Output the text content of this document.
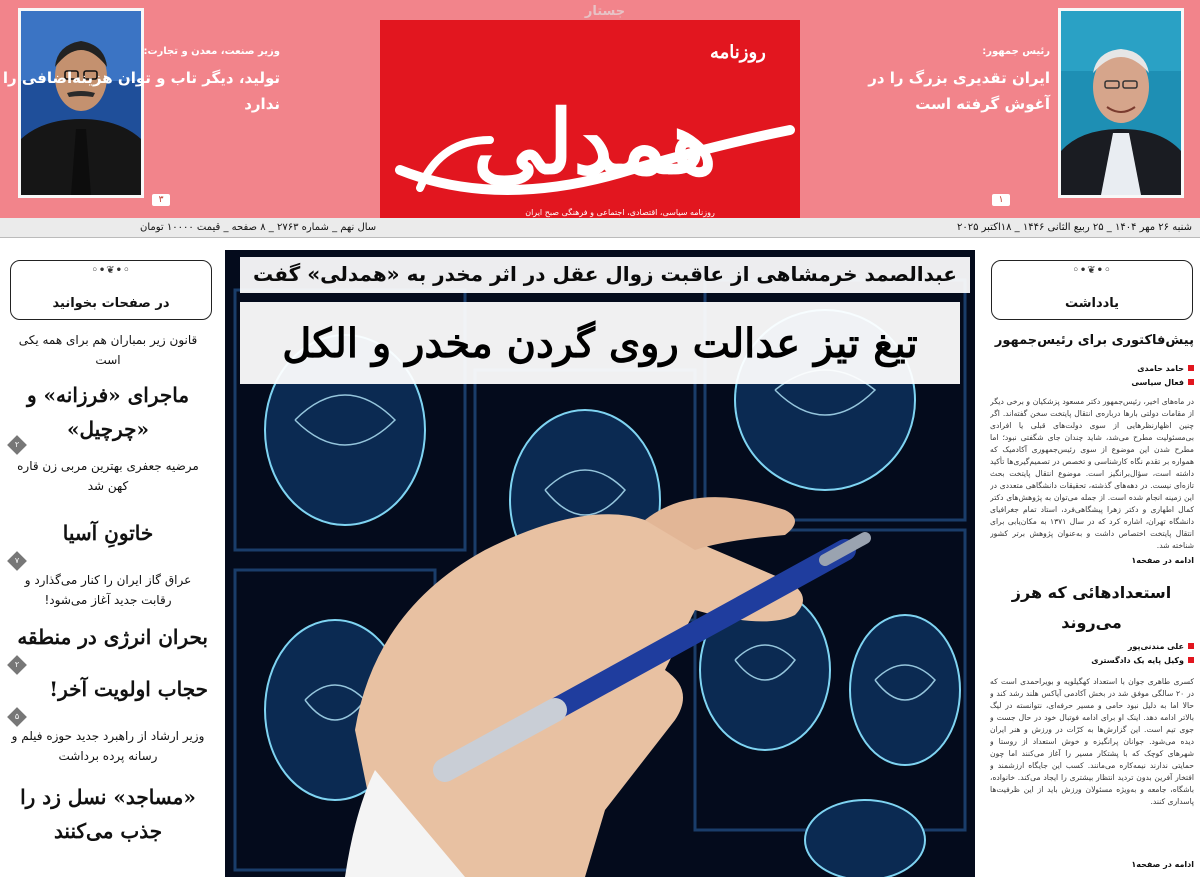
رئیس جمهور:
ایران تقدیری بزرگ را در آغوش گرفته است
۱
وزیر صنعت، معدن و تجارت:
تولید، دیگر تاب و توان هزینه‌اضافی را ندارد
۳
جستار
روزنامه
همدلی
روزنامه سیاسی، اقتصادی، اجتماعی و فرهنگی صبح ایران
شنبه ۲۶ مهر ۱۴۰۴ _ ۲۵ ربیع الثانی ۱۴۴۶ _ ۱۸اکتبر ۲۰۲۵
سال نهم _ شماره ۲۷۶۳ _ ۸ صفحه _ قیمت ۱۰۰۰۰ تومان
◦•❦•◦
در صفحات بخوانید
قانون زیر بمباران هم برای همه یکی است
ماجرای «فرزانه» و «چرچیل»
۲
مرضیه جعفری بهترین مربی زن قاره کهن شد
خاتونِ آسیا
۷
عراق گاز ایران را کنار می‌گذارد و رقابت جدید آغاز می‌شود!
بحران انرژی در منطقه
۲
حجاب اولویت آخر!
۵
وزیر ارشاد از راهبرد جدید حوزه فیلم و رسانه پرده برداشت
«مساجد» نسل زد را جذب می‌کنند
عبدالصمد خرمشاهی از عاقبت زوال عقل در اثر مخدر به «همدلی» گفت
تیغ تیز عدالت روی گردن مخدر و الکل
◦•❦•◦
یادداشت
پیش‌فاکتوری برای رئیس‌جمهور
حامد حامدی
فعال سیاسی
در ماه‌های اخیر، رئیس‌جمهور دکتر مسعود پزشکیان و برخی دیگر از مقامات دولتی بارها درباره‌ی انتقال پایتخت سخن گفته‌اند. اگر چنین اظهارنظرهایی از سوی دولت‌های قبلی یا افرادی بی‌مسئولیت مطرح می‌شد، شاید چندان جای شگفتی نبود؛ اما مطرح شدن این موضوع از سوی رئیس‌جمهوری آکادمیک که همواره بر تقدم نگاه کارشناسی و تخصص در تصمیم‌گیری‌ها تأکید داشته است، سؤال‌برانگیز است. موضوع انتقال پایتخت بحث تازه‌ای نیست. در دهه‌های گذشته، تحقیقات دانشگاهی متعددی در این زمینه انجام شده است. از جمله می‌توان به پژوهش‌های دکتر کمال اطهاری و دکتر زهرا پیشگاهی‌فرد، استاد تمام جغرافیای دانشگاه تهران، اشاره کرد که در سال ۱۳۷۱ به مکان‌یابی برای انتقال پایتخت اختصاص داشت و به‌عنوان پژوهش برتر کشور شناخته شد.
ادامه در صفحه۱
استعدادهائی که هرز می‌روند
علی مندنی‌پور
وکیل پایه یک دادگستری
کسری طاهری جوان با استعداد کهگیلویه و بویراحمدی است که در ۲۰ سالگی موفق شد در بخش آکادمی آیاکس هلند رشد کند و حالا اما به دلیل نبود حامی و مسیر حرفه‌ای، نتوانسته در لیگ بالاتر ادامه دهد. اینک او برای ادامه فوتبال خود در حال جست و جوی تیم است. این گزارش‌ها به کرّات در ورزش و هنر ایران دیده می‌شود. جوانان پرانگیزه و خوش استعداد از روستا و شهرهای کوچک که با پشتکار مسیر را آغاز می‌کنند اما چون حمایتی ندارند نیمه‌کاره می‌مانند. کسب این جایگاه ارزشمند و افتخار آفرین بدون تردید انتظار بیشتری را ایجاد می‌کند. خانواده، باشگاه، جامعه و به‌ویژه مسئولان ورزش باید از این ظرفیت‌ها پاسداری کنند.
ادامه در صفحه۱
